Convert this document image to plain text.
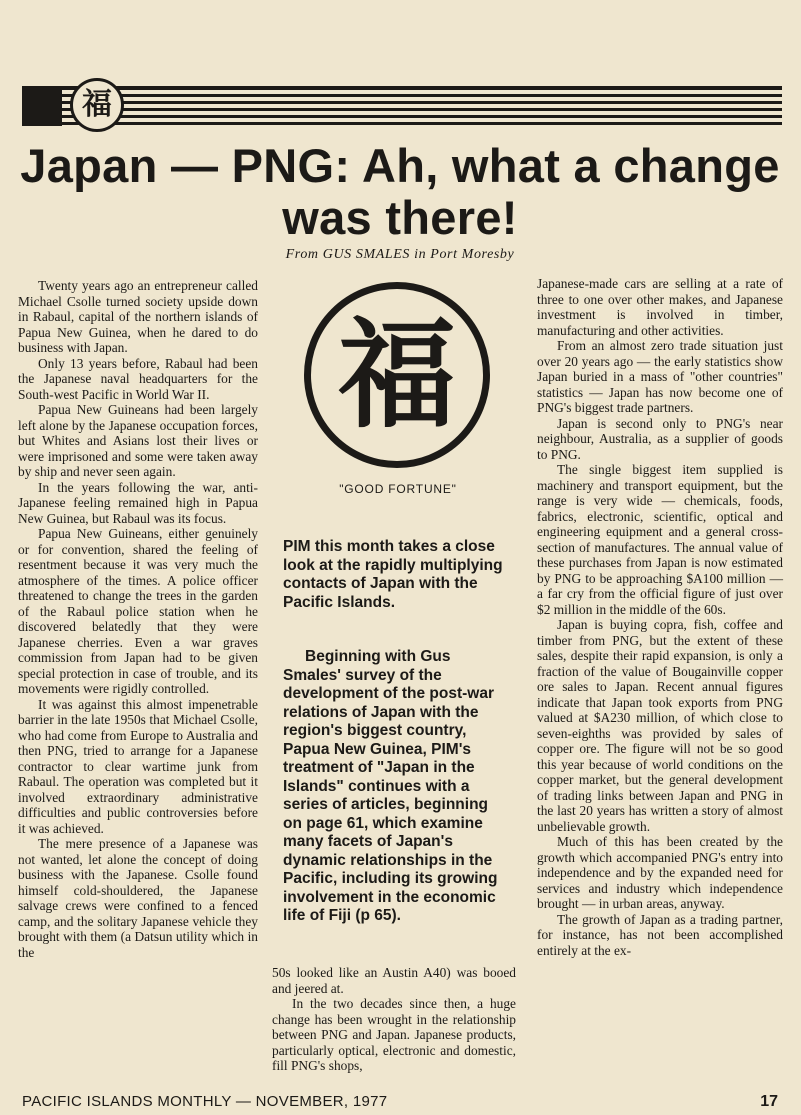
福
Japan — PNG: Ah, what a change was there!
From GUS SMALES in Port Moresby

Twenty years ago an entrepreneur called Michael Csolle turned society upside down in Rabaul, capital of the northern islands of Papua New Guinea, when he dared to do business with Japan.

Only 13 years before, Rabaul had been the Japanese naval headquarters for the South-west Pacific in World War II.

Papua New Guineans had been largely left alone by the Japanese occupation forces, but Whites and Asians lost their lives or were imprisoned and some were taken away by ship and never seen again.

In the years following the war, anti-Japanese feeling remained high in Papua New Guinea, but Rabaul was its focus.

Papua New Guineans, either genuinely or for convention, shared the feeling of resentment because it was very much the atmosphere of the times. A police officer threatened to change the trees in the garden of the Rabaul police station when he discovered belatedly that they were Japanese cherries. Even a war graves commission from Japan had to be given special protection in case of trouble, and its movements were rigidly controlled.

It was against this almost impenetrable barrier in the late 1950s that Michael Csolle, who had come from Europe to Australia and then PNG, tried to arrange for a Japanese contractor to clear wartime junk from Rabaul. The operation was completed but it involved extraordinary administrative difficulties and public controversies before it was achieved.

The mere presence of a Japanese was not wanted, let alone the concept of doing business with the Japanese. Csolle found himself cold-shouldered, the Japanese salvage crews were confined to a fenced camp, and the solitary Japanese vehicle they brought with them (a Datsun utility which in the

福
"GOOD FORTUNE"

PIM this month takes a close look at the rapidly multiplying contacts of Japan with the Pacific Islands.

Beginning with Gus Smales' survey of the development of the post-war relations of Japan with the region's biggest country, Papua New Guinea, PIM's treatment of "Japan in the Islands" continues with a series of articles, beginning on page 61, which examine many facets of Japan's dynamic relationships in the Pacific, including its growing involvement in the economic life of Fiji (p 65).

50s looked like an Austin A40) was booed and jeered at.

In the two decades since then, a huge change has been wrought in the relationship between PNG and Japan. Japanese products, particularly optical, electronic and domestic, fill PNG's shops,

Japanese-made cars are selling at a rate of three to one over other makes, and Japanese investment is involved in timber, manufacturing and other activities.

From an almost zero trade situation just over 20 years ago — the early statistics show Japan buried in a mass of "other countries" statistics — Japan has now become one of PNG's biggest trade partners.

Japan is second only to PNG's near neighbour, Australia, as a supplier of goods to PNG.

The single biggest item supplied is machinery and transport equipment, but the range is very wide — chemicals, foods, fabrics, electronic, scientific, optical and engineering equipment and a general cross-section of manufactures. The annual value of these purchases from Japan is now estimated by PNG to be approaching $A100 million — a far cry from the official figure of just over $2 million in the middle of the 60s.

Japan is buying copra, fish, coffee and timber from PNG, but the extent of these sales, despite their rapid expansion, is only a fraction of the value of Bougainville copper ore sales to Japan. Recent annual figures indicate that Japan took exports from PNG valued at $A230 million, of which close to seven-eighths was provided by sales of copper ore. The figure will not be so good this year because of world conditions on the copper market, but the general development of trading links between Japan and PNG in the last 20 years has written a story of almost unbelievable growth.

Much of this has been created by the growth which accompanied PNG's entry into independence and by the expanded need for services and industry which independence brought — in urban areas, anyway.

The growth of Japan as a trading partner, for instance, has not been accomplished entirely at the ex-

PACIFIC ISLANDS MONTHLY — NOVEMBER, 1977	17
